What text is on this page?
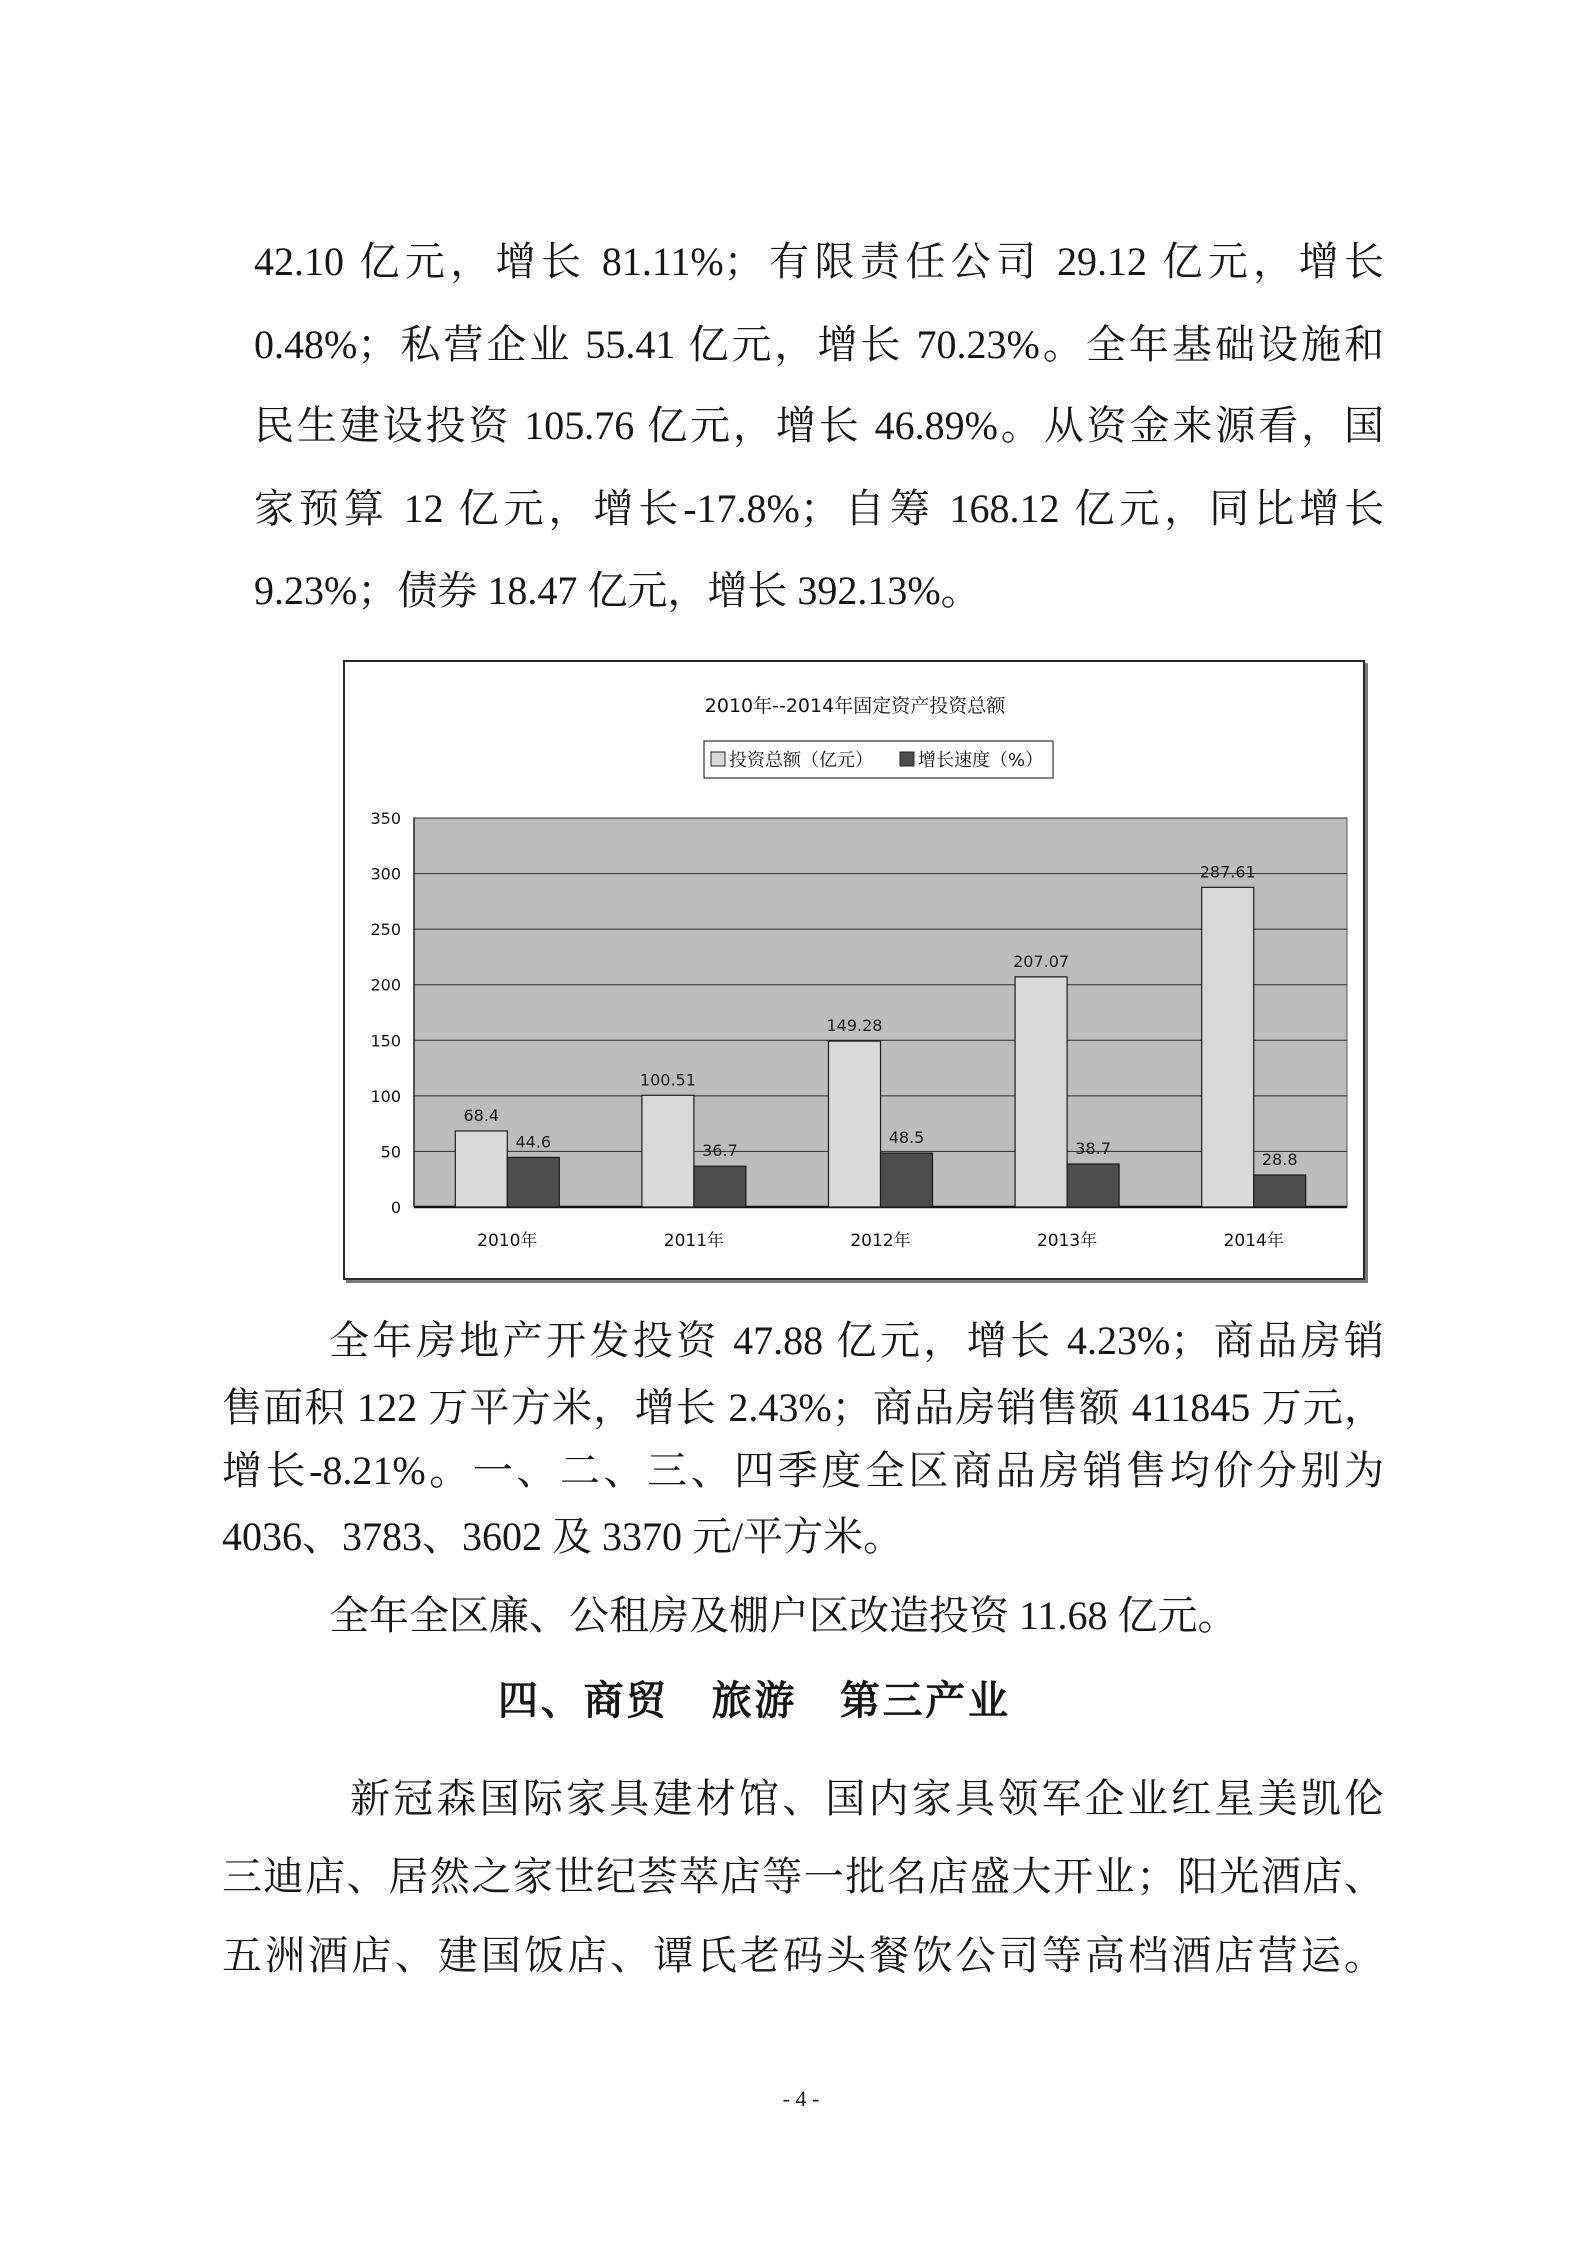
42.10 亿元，增长 81.11%；有限责任公司 29.12 亿元，增长
0.48%；私营企业 55.41 亿元，增长 70.23%。全年基础设施和
民生建设投资 105.76 亿元，增长 46.89%。从资金来源看，国
家预算 12 亿元，增长-17.8%；自筹 168.12 亿元，同比增长
9.23%；债券 18.47 亿元，增长 392.13%。
2010年--2014年固定资产投资总额
投资总额（亿元）	增长速度（%）
0
50
100
150
200
250
300
350
68.4
44.6
2010年
100.51
36.7
2011年
149.28
48.5
2012年
207.07
38.7
2013年
287.61
28.8
2014年
全年房地产开发投资 47.88 亿元，增长 4.23%；商品房销
售面积 122 万平方米，增长 2.43%；商品房销售额 411845 万元，
增长-8.21%。一、二、三、四季度全区商品房销售均价分别为
4036、3783、3602 及 3370 元/平方米。
全年全区廉、公租房及棚户区改造投资 11.68 亿元。
四、商贸　旅游　第三产业
新冠森国际家具建材馆、国内家具领军企业红星美凯伦
三迪店、居然之家世纪荟萃店等一批名店盛大开业；阳光酒店、
五洲酒店、建国饭店、谭氏老码头餐饮公司等高档酒店营运。
- 4 -
